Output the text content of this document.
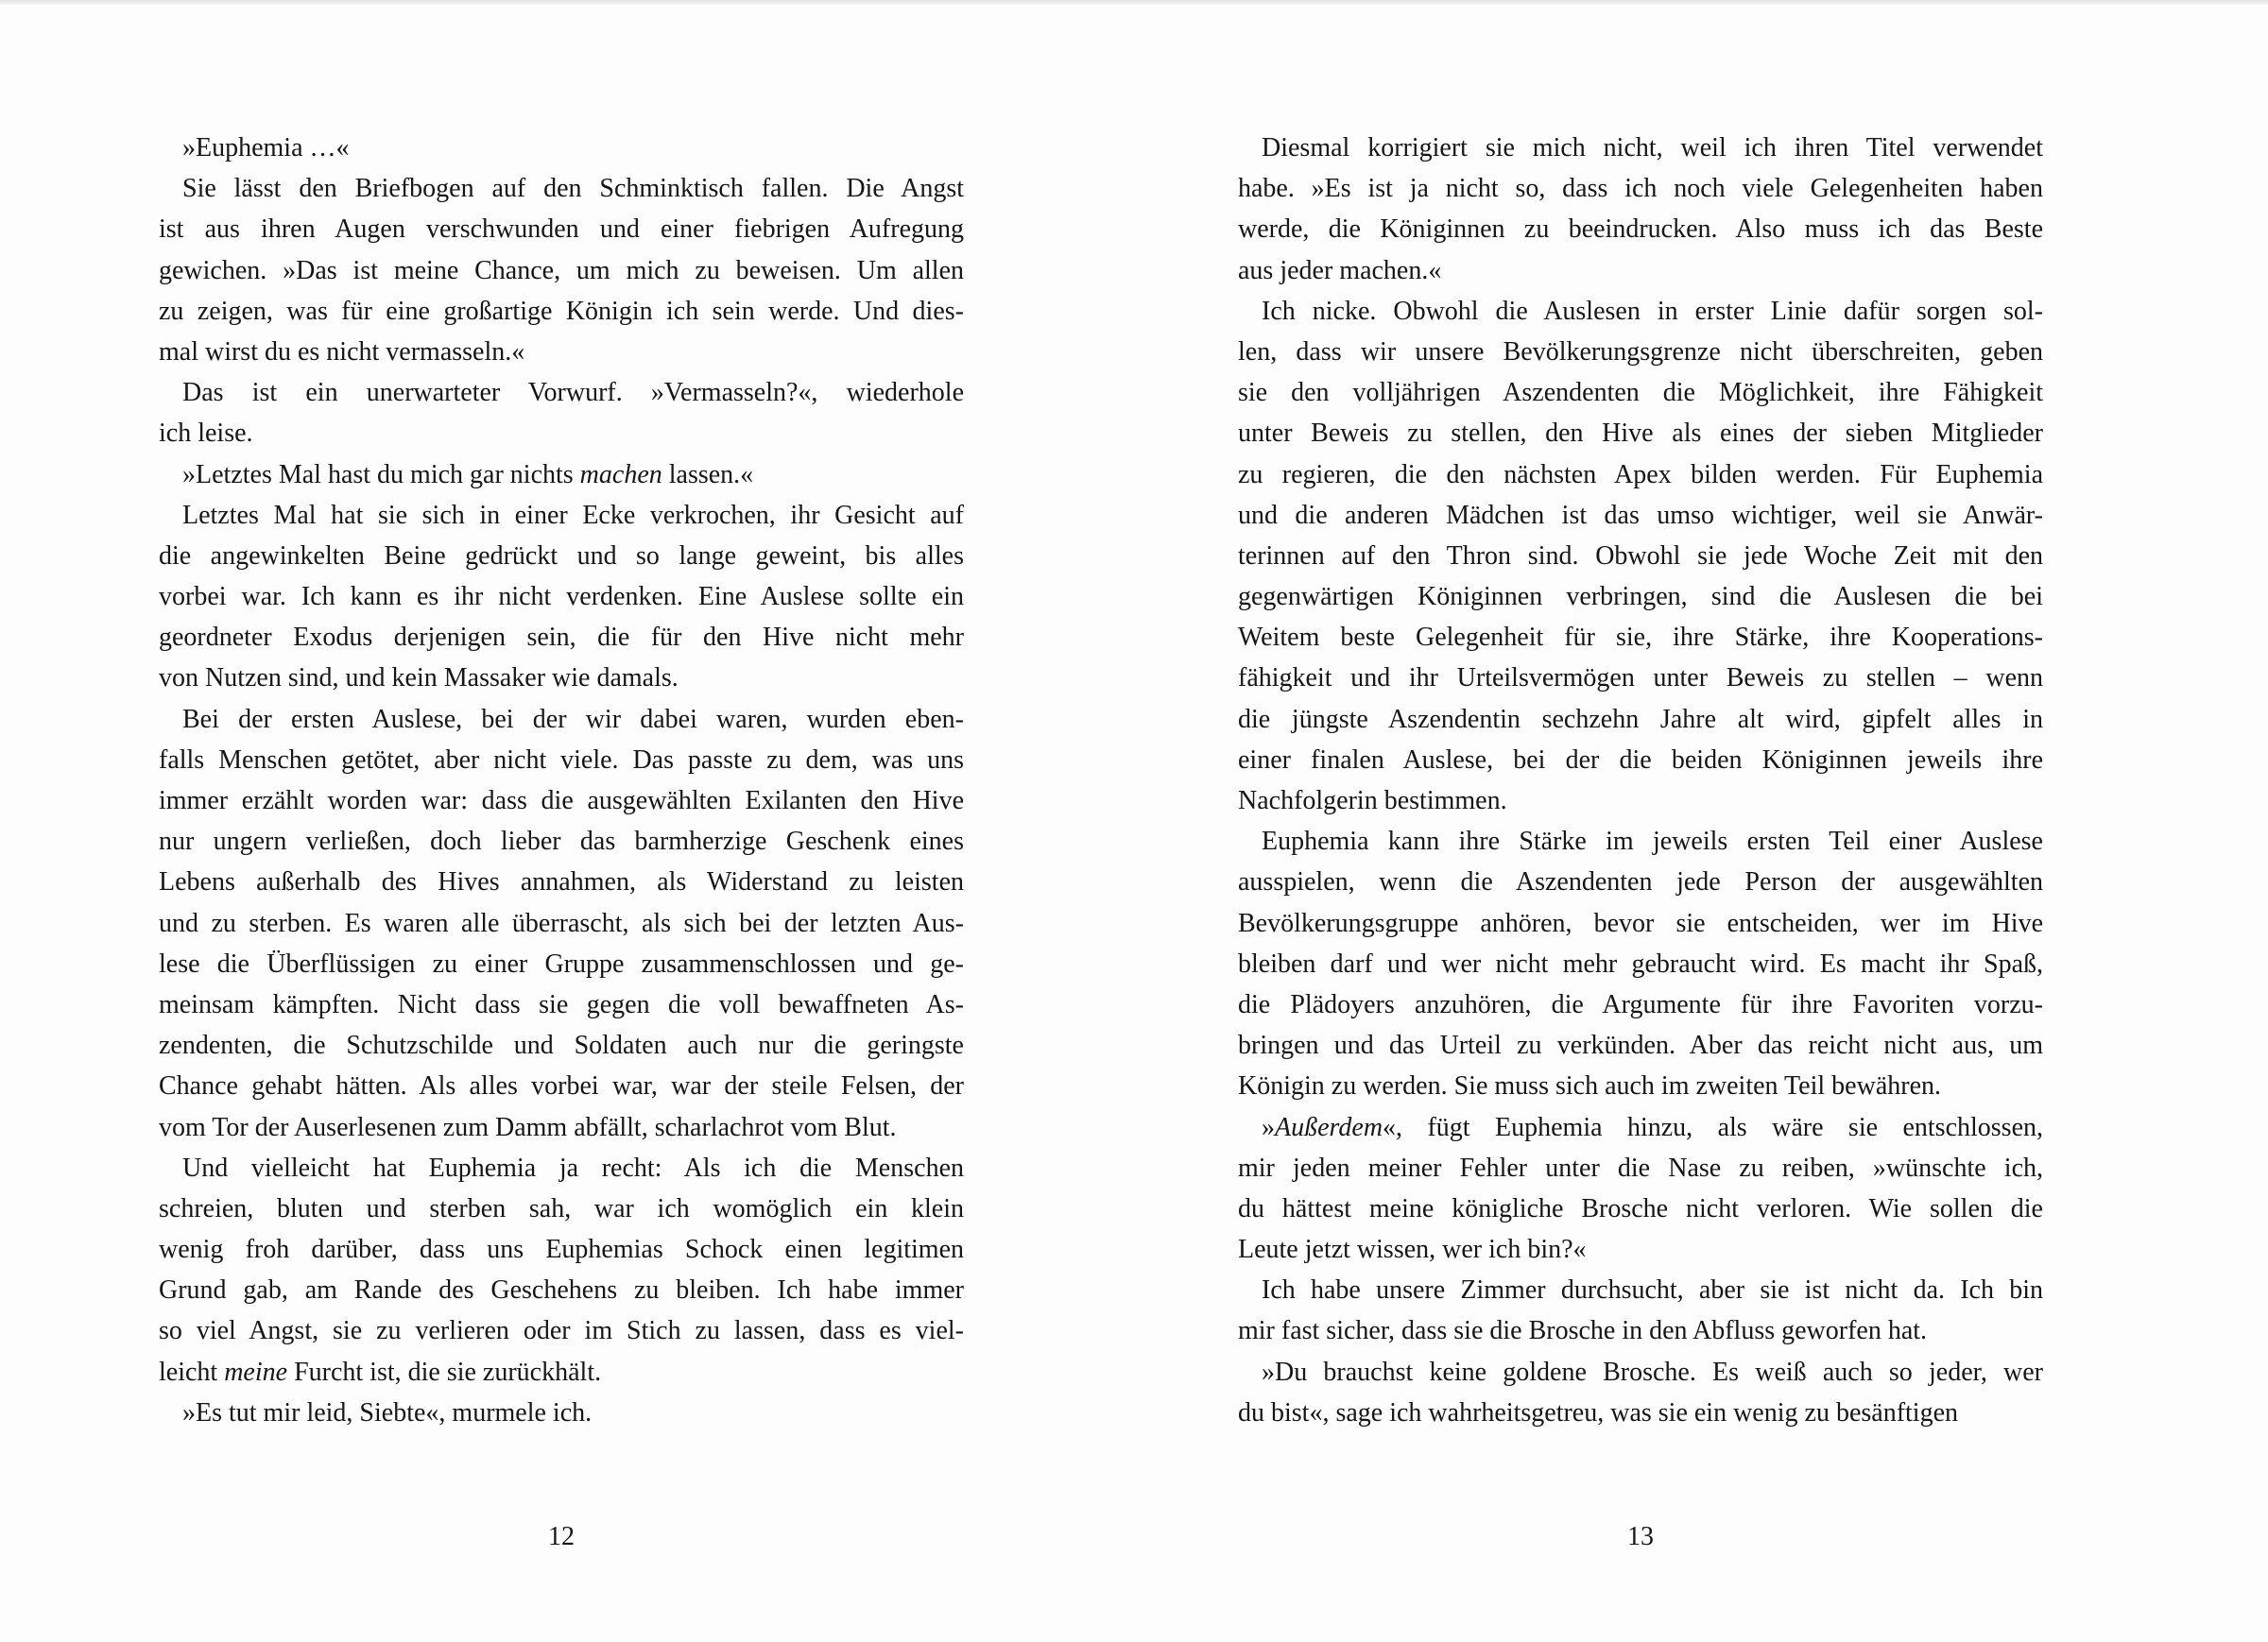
»Euphemia …«
Sie lässt den Briefbogen auf den Schminktisch fallen. Die Angst
ist aus ihren Augen verschwunden und einer fiebrigen Aufregung
gewichen. »Das ist meine Chance, um mich zu beweisen. Um allen
zu zeigen, was für eine großartige Königin ich sein werde. Und dies-
mal wirst du es nicht vermasseln.«
Das ist ein unerwarteter Vorwurf. »Vermasseln?«, wiederhole
ich leise.
»Letztes Mal hast du mich gar nichts machen lassen.«
Letztes Mal hat sie sich in einer Ecke verkrochen, ihr Gesicht auf
die angewinkelten Beine gedrückt und so lange geweint, bis alles
vorbei war. Ich kann es ihr nicht verdenken. Eine Auslese sollte ein
geordneter Exodus derjenigen sein, die für den Hive nicht mehr
von Nutzen sind, und kein Massaker wie damals.
Bei der ersten Auslese, bei der wir dabei waren, wurden eben-
falls Menschen getötet, aber nicht viele. Das passte zu dem, was uns
immer erzählt worden war: dass die ausgewählten Exilanten den Hive
nur ungern verließen, doch lieber das barmherzige Geschenk eines
Lebens außerhalb des Hives annahmen, als Widerstand zu leisten
und zu sterben. Es waren alle überrascht, als sich bei der letzten Aus-
lese die Überflüssigen zu einer Gruppe zusammenschlossen und ge-
meinsam kämpften. Nicht dass sie gegen die voll bewaffneten As-
zendenten, die Schutzschilde und Soldaten auch nur die geringste
Chance gehabt hätten. Als alles vorbei war, war der steile Felsen, der
vom Tor der Auserlesenen zum Damm abfällt, scharlachrot vom Blut.
Und vielleicht hat Euphemia ja recht: Als ich die Menschen
schreien, bluten und sterben sah, war ich womöglich ein klein
wenig froh darüber, dass uns Euphemias Schock einen legitimen
Grund gab, am Rande des Geschehens zu bleiben. Ich habe immer
so viel Angst, sie zu verlieren oder im Stich zu lassen, dass es viel-
leicht meine Furcht ist, die sie zurückhält.
»Es tut mir leid, Siebte«, murmele ich.
12
Diesmal korrigiert sie mich nicht, weil ich ihren Titel verwendet
habe. »Es ist ja nicht so, dass ich noch viele Gelegenheiten haben
werde, die Königinnen zu beeindrucken. Also muss ich das Beste
aus jeder machen.«
Ich nicke. Obwohl die Auslesen in erster Linie dafür sorgen sol-
len, dass wir unsere Bevölkerungsgrenze nicht überschreiten, geben
sie den volljährigen Aszendenten die Möglichkeit, ihre Fähigkeit
unter Beweis zu stellen, den Hive als eines der sieben Mitglieder
zu regieren, die den nächsten Apex bilden werden. Für Euphemia
und die anderen Mädchen ist das umso wichtiger, weil sie Anwär-
terinnen auf den Thron sind. Obwohl sie jede Woche Zeit mit den
gegenwärtigen Königinnen verbringen, sind die Auslesen die bei
Weitem beste Gelegenheit für sie, ihre Stärke, ihre Kooperations-
fähigkeit und ihr Urteilsvermögen unter Beweis zu stellen – wenn
die jüngste Aszendentin sechzehn Jahre alt wird, gipfelt alles in
einer finalen Auslese, bei der die beiden Königinnen jeweils ihre
Nachfolgerin bestimmen.
Euphemia kann ihre Stärke im jeweils ersten Teil einer Auslese
ausspielen, wenn die Aszendenten jede Person der ausgewählten
Bevölkerungsgruppe anhören, bevor sie entscheiden, wer im Hive
bleiben darf und wer nicht mehr gebraucht wird. Es macht ihr Spaß,
die Plädoyers anzuhören, die Argumente für ihre Favoriten vorzu-
bringen und das Urteil zu verkünden. Aber das reicht nicht aus, um
Königin zu werden. Sie muss sich auch im zweiten Teil bewähren.
»Außerdem«, fügt Euphemia hinzu, als wäre sie entschlossen,
mir jeden meiner Fehler unter die Nase zu reiben, »wünschte ich,
du hättest meine königliche Brosche nicht verloren. Wie sollen die
Leute jetzt wissen, wer ich bin?«
Ich habe unsere Zimmer durchsucht, aber sie ist nicht da. Ich bin
mir fast sicher, dass sie die Brosche in den Abfluss geworfen hat.
»Du brauchst keine goldene Brosche. Es weiß auch so jeder, wer
du bist«, sage ich wahrheitsgetreu, was sie ein wenig zu besänftigen
13
